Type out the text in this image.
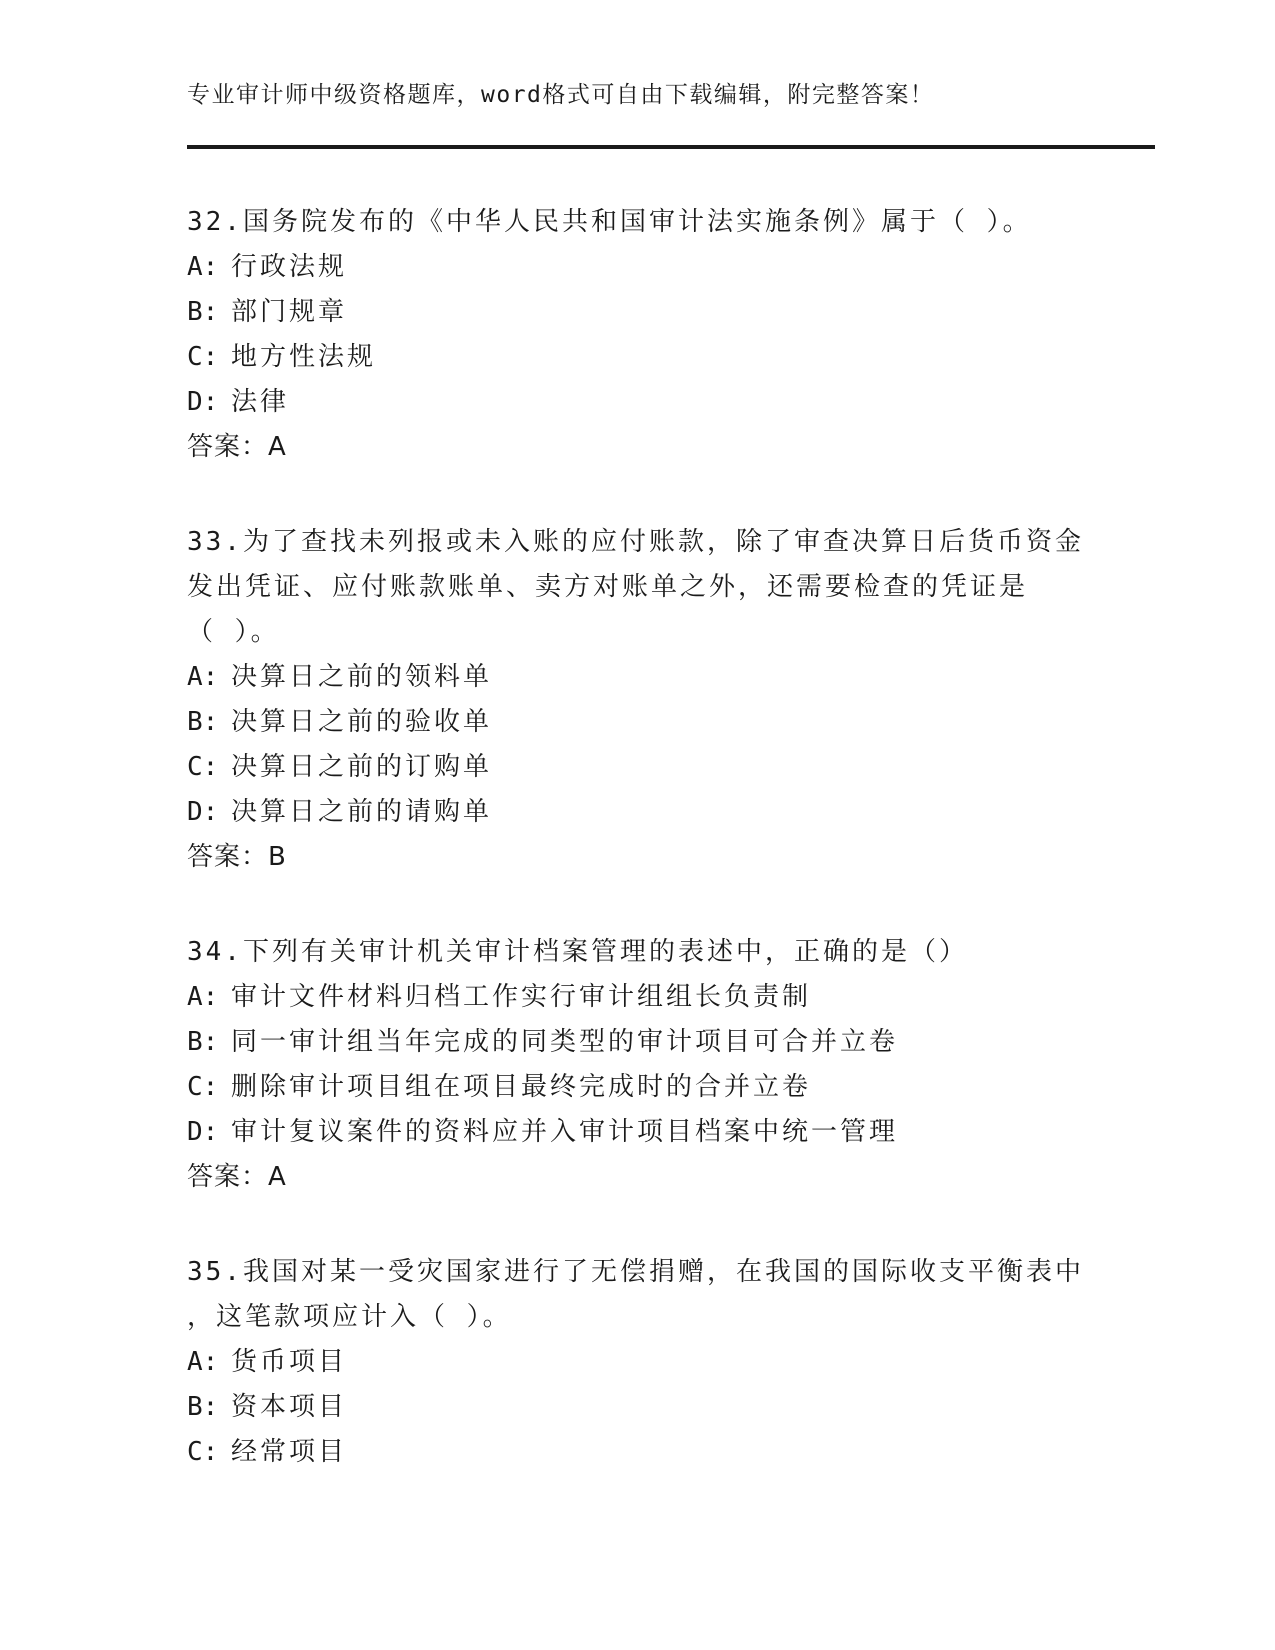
专业审计师中级资格题库，word格式可自由下载编辑，附完整答案！

32.国务院发布的《中华人民共和国审计法实施条例》属于（ ）。

A: 行政法规
B: 部门规章
C: 地方性法规
D: 法律

答案：A

33.为了查找未列报或未入账的应付账款，除了审查决算日后货币资金

发出凭证、应付账款账单、卖方对账单之外，还需要检查的凭证是

（ ）。

A: 决算日之前的领料单
B: 决算日之前的验收单
C: 决算日之前的订购单
D: 决算日之前的请购单

答案：B

34.下列有关审计机关审计档案管理的表述中，正确的是（）

A: 审计文件材料归档工作实行审计组组长负责制
B: 同一审计组当年完成的同类型的审计项目可合并立卷
C: 删除审计项目组在项目最终完成时的合并立卷
D: 审计复议案件的资料应并入审计项目档案中统一管理

答案：A

35.我国对某一受灾国家进行了无偿捐赠，在我国的国际收支平衡表中

，这笔款项应计入（ ）。

A: 货币项目
B: 资本项目
C: 经常项目
